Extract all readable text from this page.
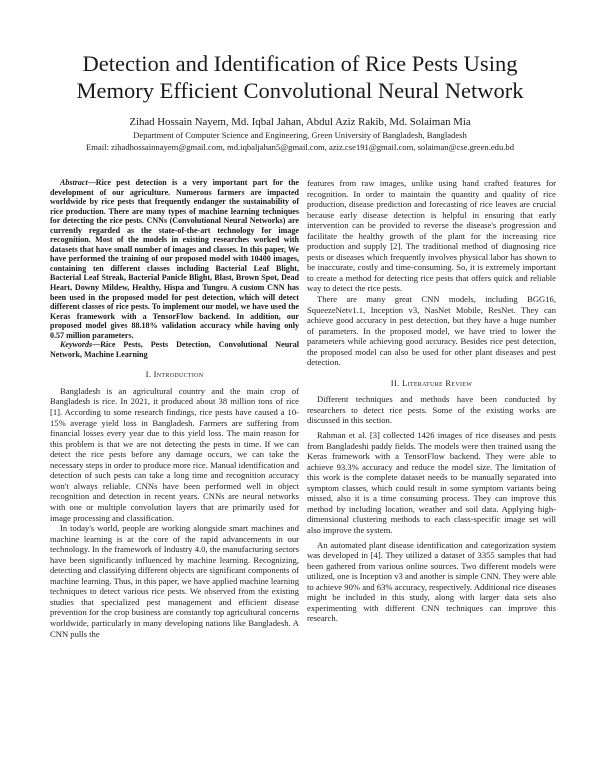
Detection and Identification of Rice Pests Using
Memory Efficient Convolutional Neural Network

Zihad Hossain Nayem, Md. Iqbal Jahan, Abdul Aziz Rakib, Md. Solaiman Mia

Department of Computer Science and Engineering, Green University of Bangladesh, Bangladesh

Email: zihadhossainnayem@gmail.com, md.iqbaljahan5@gmail.com, aziz.cse191@gmail.com, solaiman@cse.green.edu.bd

Abstract—Rice pest detection is a very important part for the development of our agriculture. Numerous farmers are impacted worldwide by rice pests that frequently endanger the sustainability of rice production. There are many types of machine learning techniques for detecting the rice pests. CNNs (Convolutional Neural Networks) are currently regarded as the state-of-the-art technology for image recognition. Most of the models in existing researches worked with datasets that have small number of images and classes. In this paper, We have performed the training of our proposed model with 10400 images, containing ten different classes including Bacterial Leaf Blight, Bacterial Leaf Streak, Bacterial Panicle Blight, Blast, Brown Spot, Dead Heart, Downy Mildew, Healthy, Hispa and Tungro. A custom CNN has been used in the proposed model for pest detection, which will detect different classes of rice pests. To implement our model, we have used the Keras framework with a TensorFlow backend. In addition, our proposed model gives 88.18% validation accuracy while having only 0.57 million parameters.

Keywords—Rice Pests, Pests Detection, Convolutional Neural Network, Machine Learning

I. Introduction

Bangladesh is an agricultural country and the main crop of Bangladesh is rice. In 2021, it produced about 38 million tons of rice [1]. According to some research findings, rice pests have caused a 10-15% average yield loss in Bangladesh. Farmers are suffering from financial losses every year due to this yield loss. The main reason for this problem is that we are not detecting the pests in time. If we can detect the rice pests before any damage occurs, we can take the necessary steps in order to produce more rice. Manual identification and detection of such pests can take a long time and recognition accuracy won't always reliable. CNNs have been performed well in object recognition and detection in recent years. CNNs are neural networks with one or multiple convolution layers that are primarily used for image processing and classification.

In today's world, people are working alongside smart machines and machine learning is at the core of the rapid advancements in our technology. In the framework of Industry 4.0, the manufacturing sectors have been significantly influenced by machine learning. Recognizing, detecting and classifying different objects are significant components of machine learning. Thus, in this paper, we have applied machine learning techniques to detect various rice pests. We observed from the existing studies that specialized pest management and efficient disease prevention for the crop business are constantly top agricultural concerns worldwide, particularly in many developing nations like Bangladesh. A CNN pulls the

features from raw images, unlike using hand crafted features for recognition. In order to maintain the quantity and quality of rice production, disease prediction and forecasting of rice leaves are crucial because early disease detection is helpful in ensuring that early intervention can be provided to reverse the disease's progression and facilitate the healthy growth of the plant for the increasing rice production and supply [2]. The traditional method of diagnosing rice pests or diseases which frequently involves physical labor has shown to be inaccurate, costly and time-consuming. So, it is extremely important to create a method for detecting rice pests that offers quick and reliable way to detect the rice pests.

There are many great CNN models, including BGG16, SqueezeNetv1.1, Inception v3, NasNet Mobile, ResNet. They can achieve good accuracy in pest detection, but they have a huge number of parameters. In the proposed model, we have tried to lower the parameters while achieving good accuracy. Besides rice pest detection, the proposed model can also be used for other plant diseases and pest detection.

II. Literature Review

Different techniques and methods have been conducted by researchers to detect rice pests. Some of the existing works are discussed in this section.

Rahman et al. [3] collected 1426 images of rice diseases and pests from Bangladeshi paddy fields. The models were then trained using the Keras framework with a TensorFlow backend. They were able to achieve 93.3% accuracy and reduce the model size. The limitation of this work is the complete dataset needs to be manually separated into symptom classes, which could result in some symptom variants being missed, also it is a time consuming process. They can improve this method by including location, weather and soil data. Applying high-dimensional clustering methods to each class-specific image set will also improve the system.

An automated plant disease identification and categorization system was developed in [4]. They utilized a dataset of 3355 samples that had been gathered from various online sources. Two different models were utilized, one is Inception v3 and another is simple CNN. They were able to achieve 90% and 63% accuracy, respectively. Additional rice diseases might be included in this study, along with larger data sets also experimenting with different CNN techniques can improve this research.
